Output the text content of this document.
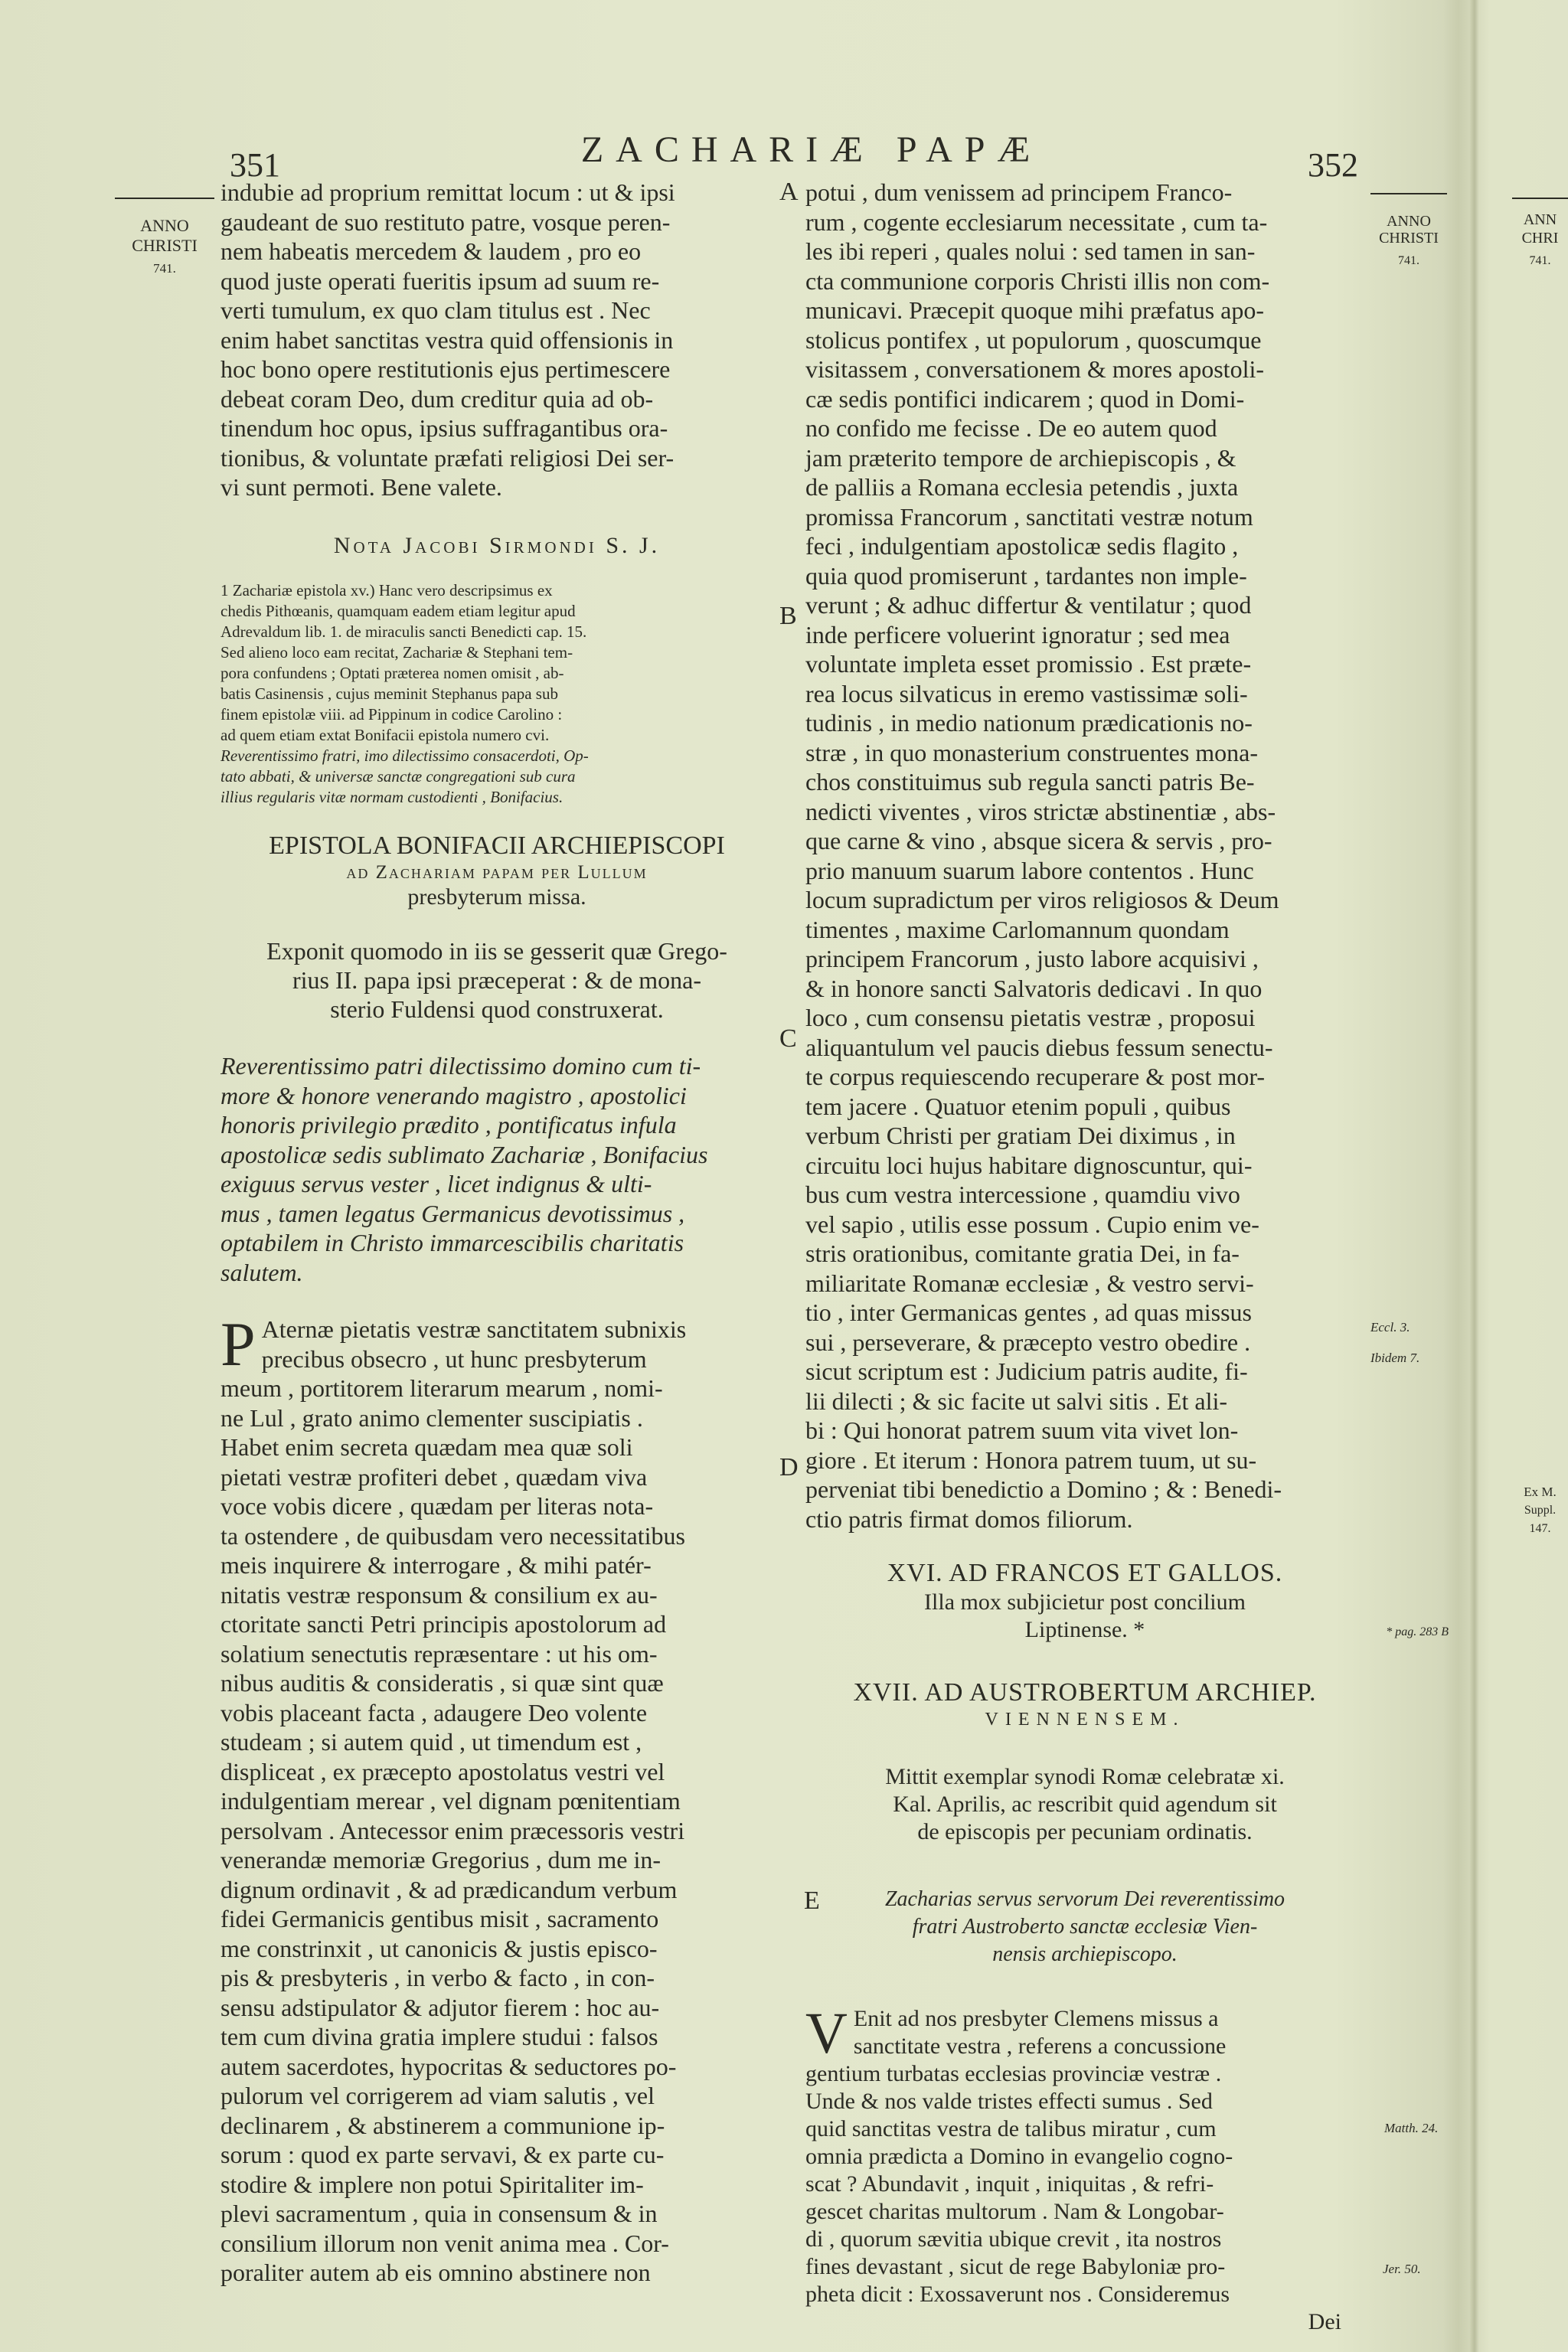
351	ZACHARIÆ PAPÆ	352
ANNO
CHRISTI
741.
ANNO
CHRISTI
741.
ANN
CHRI
741.
Ex M.
Suppl.
147.
A
B
C
D
E
Eccl. 3.
Ibidem 7.
Matth. 24.
Jer. 50.

indubie ad proprium remittat locum : ut & ipsi

gaudeant de suo restituto patre, vosque peren-

nem habeatis mercedem & laudem , pro eo

quod juste operati fueritis ipsum ad suum re-

verti tumulum, ex quo clam titulus est . Nec

enim habet sanctitas vestra quid offensionis in

hoc bono opere restitutionis ejus pertimescere

debeat coram Deo, dum creditur quia ad ob-

tinendum hoc opus, ipsius suffragantibus ora-

tionibus, & voluntate præfati religiosi Dei ser-

vi sunt permoti. Bene valete.

Nota Jacobi Sirmondi S. J.

1 Zachariæ epistola xv.) Hanc vero descripsimus ex

chedis Pithœanis, quamquam eadem etiam legitur apud

Adrevaldum lib. 1. de miraculis sancti Benedicti cap. 15.

Sed alieno loco eam recitat, Zachariæ & Stephani tem-

pora confundens ; Optati præterea nomen omisit , ab-

batis Casinensis , cujus meminit Stephanus papa sub

finem epistolæ viii. ad Pippinum in codice Carolino :

ad quem etiam extat Bonifacii epistola numero cvi.

Reverentissimo fratri, imo dilectissimo consacerdoti, Op-

tato abbati, & universæ sanctæ congregationi sub cura

illius regularis vitæ normam custodienti , Bonifacius.

EPISTOLA BONIFACII ARCHIEPISCOPI

ad Zachariam papam per Lullum

presbyterum missa.

Exponit quomodo in iis se gesserit quæ Grego-

rius II. papa ipsi præceperat : & de mona-

sterio Fuldensi quod construxerat.

Reverentissimo patri dilectissimo domino cum ti-

more & honore venerando magistro , apostolici

honoris privilegio prædito , pontificatus infula

apostolicæ sedis sublimato Zachariæ , Bonifacius

exiguus servus vester , licet indignus & ulti-

mus , tamen legatus Germanicus devotissimus ,

optabilem in Christo immarcescibilis charitatis

salutem.

P Aternæ pietatis vestræ sanctitatem subnixis

precibus obsecro , ut hunc presbyterum

meum , portitorem literarum mearum , nomi-

ne Lul , grato animo clementer suscipiatis .

Habet enim secreta quædam mea quæ soli

pietati vestræ profiteri debet , quædam viva

voce vobis dicere , quædam per literas nota-

ta ostendere , de quibusdam vero necessitatibus

meis inquirere & interrogare , & mihi patér-

nitatis vestræ responsum & consilium ex au-

ctoritate sancti Petri principis apostolorum ad

solatium senectutis repræsentare : ut his om-

nibus auditis & consideratis , si quæ sint quæ

vobis placeant facta , adaugere Deo volente

studeam ; si autem quid , ut timendum est ,

displiceat , ex præcepto apostolatus vestri vel

indulgentiam merear , vel dignam pœnitentiam

persolvam . Antecessor enim præcessoris vestri

venerandæ memoriæ Gregorius , dum me in-

dignum ordinavit , & ad prædicandum verbum

fidei Germanicis gentibus misit , sacramento

me constrinxit , ut canonicis & justis episco-

pis & presbyteris , in verbo & facto , in con-

sensu adstipulator & adjutor fierem : hoc au-

tem cum divina gratia implere studui : falsos

autem sacerdotes, hypocritas & seductores po-

pulorum vel corrigerem ad viam salutis , vel

declinarem , & abstinerem a communione ip-

sorum : quod ex parte servavi, & ex parte cu-

stodire & implere non potui Spiritaliter im-

plevi sacramentum , quia in consensum & in

consilium illorum non venit anima mea . Cor-

poraliter autem ab eis omnino abstinere non

potui , dum venissem ad principem Franco-

rum , cogente ecclesiarum necessitate , cum ta-

les ibi reperi , quales nolui : sed tamen in san-

cta communione corporis Christi illis non com-

municavi. Præcepit quoque mihi præfatus apo-

stolicus pontifex , ut populorum , quoscumque

visitassem , conversationem & mores apostoli-

cæ sedis pontifici indicarem ; quod in Domi-

no confido me fecisse . De eo autem quod

jam præterito tempore de archiepiscopis , &

de palliis a Romana ecclesia petendis , juxta

promissa Francorum , sanctitati vestræ notum

feci , indulgentiam apostolicæ sedis flagito ,

quia quod promiserunt , tardantes non imple-

verunt ; & adhuc differtur & ventilatur ; quod

inde perficere voluerint ignoratur ; sed mea

voluntate impleta esset promissio . Est præte-

rea locus silvaticus in eremo vastissimæ soli-

tudinis , in medio nationum prædicationis no-

stræ , in quo monasterium construentes mona-

chos constituimus sub regula sancti patris Be-

nedicti viventes , viros strictæ abstinentiæ , abs-

que carne & vino , absque sicera & servis , pro-

prio manuum suarum labore contentos . Hunc

locum supradictum per viros religiosos & Deum

timentes , maxime Carlomannum quondam

principem Francorum , justo labore acquisivi ,

& in honore sancti Salvatoris dedicavi . In quo

loco , cum consensu pietatis vestræ , proposui

aliquantulum vel paucis diebus fessum senectu-

te corpus requiescendo recuperare & post mor-

tem jacere . Quatuor etenim populi , quibus

verbum Christi per gratiam Dei diximus , in

circuitu loci hujus habitare dignoscuntur, qui-

bus cum vestra intercessione , quamdiu vivo

vel sapio , utilis esse possum . Cupio enim ve-

stris orationibus, comitante gratia Dei, in fa-

miliaritate Romanæ ecclesiæ , & vestro servi-

tio , inter Germanicas gentes , ad quas missus

sui , perseverare, & præcepto vestro obedire .

sicut scriptum est : Judicium patris audite, fi-

lii dilecti ; & sic facite ut salvi sitis . Et ali-

bi : Qui honorat patrem suum vita vivet lon-

giore . Et iterum : Honora patrem tuum, ut su-

perveniat tibi benedictio a Domino ; & : Benedi-

ctio patris firmat domos filiorum.

XVI. AD FRANCOS ET GALLOS.

Illa mox subjicietur post concilium

Liptinense. *	* pag. 283 B

XVII. AD AUSTROBERTUM ARCHIEP.

VIENNENSEM.

Mittit exemplar synodi Romæ celebratæ xi.

Kal. Aprilis, ac rescribit quid agendum sit

de episcopis per pecuniam ordinatis.

Zacharias servus servorum Dei reverentissimo

fratri Austroberto sanctæ ecclesiæ Vien-

nensis archiepiscopo.

V Enit ad nos presbyter Clemens missus a

sanctitate vestra , referens a concussione

gentium turbatas ecclesias provinciæ vestræ .

Unde & nos valde tristes effecti sumus . Sed

quid sanctitas vestra de talibus miratur , cum

omnia prædicta a Domino in evangelio cogno-

scat ? Abundavit , inquit , iniquitas , & refri-

gescet charitas multorum . Nam & Longobar-

di , quorum sævitia ubique crevit , ita nostros

fines devastant , sicut de rege Babyloniæ pro-

pheta dicit : Exossaverunt nos . Consideremus

Dei
